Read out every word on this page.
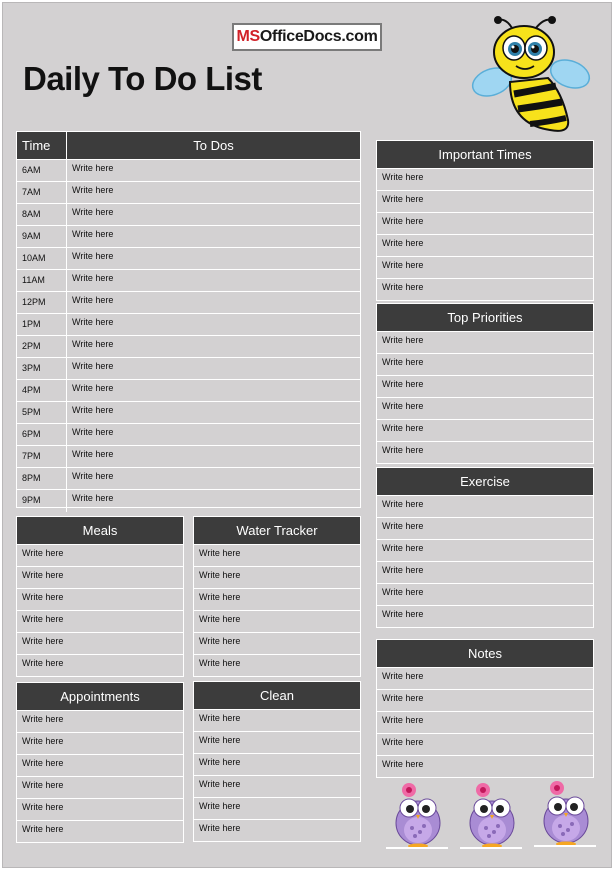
MS OfficeDocs.com
Daily To Do List
Time	To Dos
6AM	Write here
7AM	Write here
8AM	Write here
9AM	Write here
10AM	Write here
11AM	Write here
12PM	Write here
1PM	Write here
2PM	Write here
3PM	Write here
4PM	Write here
5PM	Write here
6PM	Write here
7PM	Write here
8PM	Write here
9PM	Write here
Meals
Write here
Write here
Write here
Write here
Write here
Write here
Water Tracker
Write here
Write here
Write here
Write here
Write here
Write here
Appointments
Write here
Write here
Write here
Write here
Write here
Write here
Clean
Write here
Write here
Write here
Write here
Write here
Write here
Important Times
Write here
Write here
Write here
Write here
Write here
Write here
Top Priorities
Write here
Write here
Write here
Write here
Write here
Write here
Exercise
Write here
Write here
Write here
Write here
Write here
Write here
Notes
Write here
Write here
Write here
Write here
Write here
